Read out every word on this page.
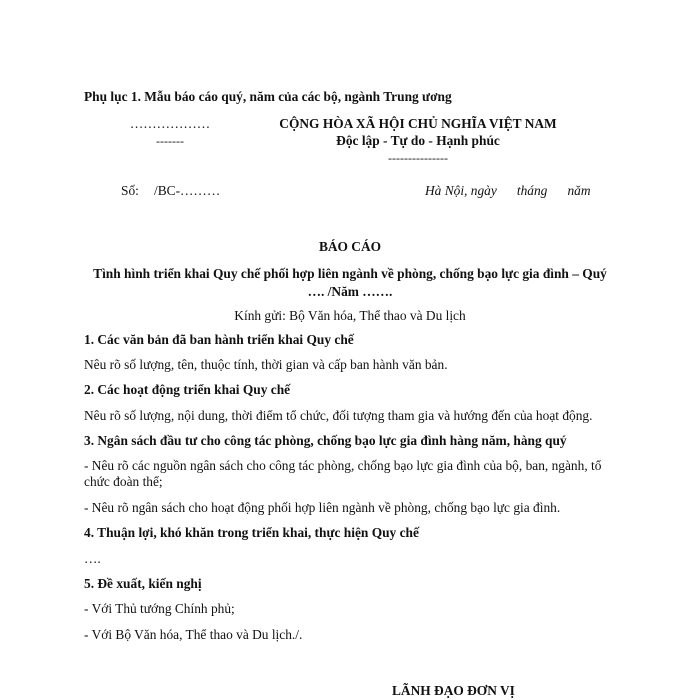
Phụ lục 1. Mẫu báo cáo quý, năm của các bộ, ngành Trung ương
………………
-------
CỘNG HÒA XÃ HỘI CHỦ NGHĨA VIỆT NAM
Độc lập - Tự do - Hạnh phúc
---------------
Số: /BC-………	Hà Nội, ngày      tháng      năm
BÁO CÁO
Tình hình triển khai Quy chế phối hợp liên ngành về phòng, chống bạo lực gia đình – Quý
…. /Năm …….
Kính gửi: Bộ Văn hóa, Thể thao và Du lịch
1. Các văn bản đã ban hành triển khai Quy chế
Nêu rõ số lượng, tên, thuộc tính, thời gian và cấp ban hành văn bản.
2. Các hoạt động triển khai Quy chế
Nêu rõ số lượng, nội dung, thời điểm tổ chức, đối tượng tham gia và hướng đến của hoạt động.
3. Ngân sách đầu tư cho công tác phòng, chống bạo lực gia đình hàng năm, hàng quý
- Nêu rõ các nguồn ngân sách cho công tác phòng, chống bạo lực gia đình của bộ, ban, ngành, tổ
chức đoàn thể;
- Nêu rõ ngân sách cho hoạt động phối hợp liên ngành về phòng, chống bạo lực gia đình.
4. Thuận lợi, khó khăn trong triển khai, thực hiện Quy chế
….
5. Đề xuất, kiến nghị
- Với Thủ tướng Chính phủ;
- Với Bộ Văn hóa, Thể thao và Du lịch./.
LÃNH ĐẠO ĐƠN VỊ
